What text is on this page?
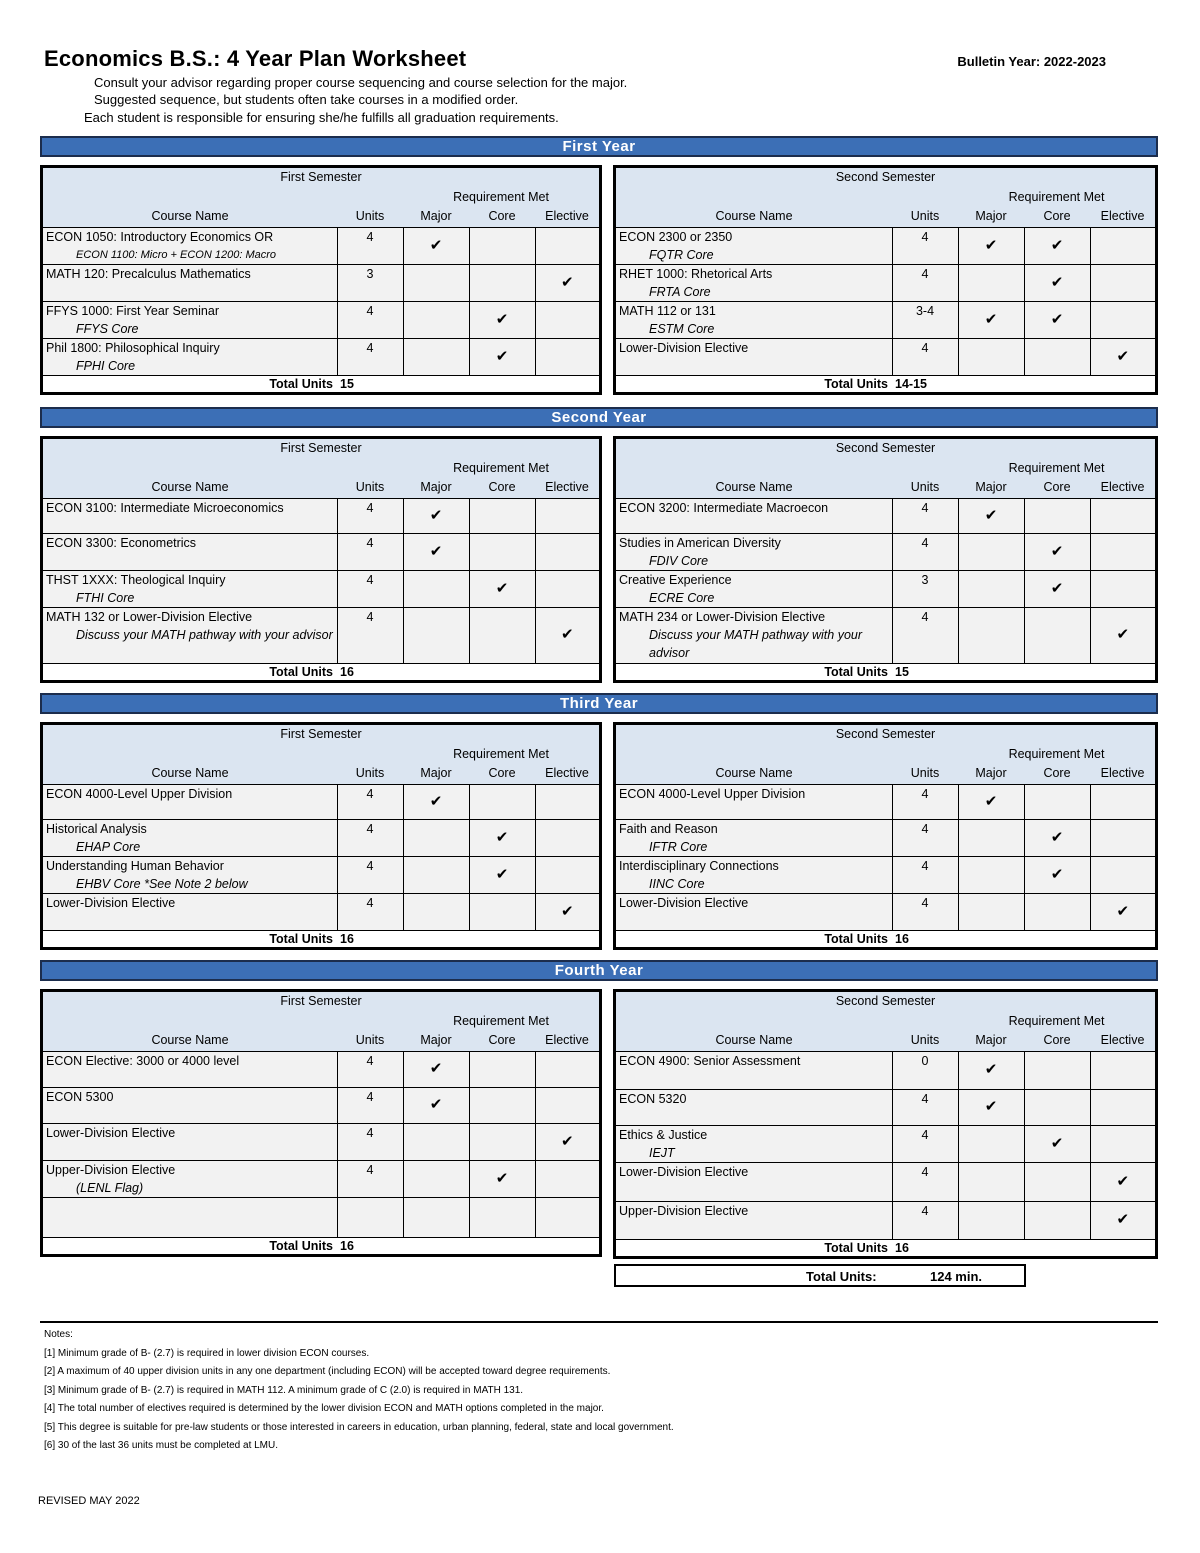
Economics B.S.: 4 Year Plan Worksheet	Bulletin Year: 2022-2023
Consult your advisor regarding proper course sequencing and course selection for the major.
Suggested sequence, but students often take courses in a modified order.
Each student is responsible for ensuring she/he fulfills all graduation requirements.
First Year
First Semester				
		Requirement Met		
Course Name	Units	Major	Core	Elective

ECON 1050: Introductory Economics OR
ECON 1100: Micro + ECON 1200: Macro	4	✔		

MATH 120: Precalculus Mathematics	3			✔

FFYS 1000: First Year Seminar
FFYS Core	4		✔	

Phil 1800: Philosophical Inquiry
FPHI Core	4		✔	
Total Units	15			
Second Semester				
		Requirement Met		
Course Name	Units	Major	Core	Elective

ECON 2300 or 2350
FQTR Core	4	✔	✔	

RHET 1000: Rhetorical Arts
FRTA Core	4		✔	

MATH 112 or 131
ESTM Core	3-4	✔	✔	

Lower-Division Elective	4			✔
Total Units	14-15			
Second Year
First Semester				
		Requirement Met		
Course Name	Units	Major	Core	Elective

ECON 3100: Intermediate Microeconomics	4	✔		

ECON 3300: Econometrics	4	✔		

THST 1XXX: Theological Inquiry
FTHI Core	4		✔	

MATH 132 or Lower-Division Elective
Discuss your MATH pathway with your advisor	4			✔
Total Units	16			
Second Semester				
		Requirement Met		
Course Name	Units	Major	Core	Elective

ECON 3200: Intermediate Macroecon	4	✔		

Studies in American Diversity
FDIV Core	4		✔	

Creative Experience
ECRE Core	3		✔	

MATH 234 or Lower-Division Elective
Discuss your MATH pathway with your advisor	4			✔
Total Units	15			
Third Year
First Semester				
		Requirement Met		
Course Name	Units	Major	Core	Elective

ECON 4000-Level Upper Division	4	✔		

Historical Analysis
EHAP Core	4		✔	

Understanding Human Behavior
EHBV Core *See Note 2 below	4		✔	

Lower-Division Elective	4			✔
Total Units	16			
Second Semester				
		Requirement Met		
Course Name	Units	Major	Core	Elective

ECON 4000-Level Upper Division	4	✔		

Faith and Reason
IFTR Core	4		✔	

Interdisciplinary Connections
IINC Core	4		✔	

Lower-Division Elective	4			✔
Total Units	16			
Fourth Year
First Semester				
		Requirement Met		
Course Name	Units	Major	Core	Elective

ECON Elective: 3000 or 4000 level	4	✔		

ECON 5300	4	✔		

Lower-Division Elective	4			✔

Upper-Division Elective
(LENL Flag)	4		✔	

Total Units	16			
Second Semester				
		Requirement Met		
Course Name	Units	Major	Core	Elective

ECON 4900: Senior Assessment	0	✔		

ECON 5320	4	✔		

Ethics & Justice
IEJT	4		✔	

Lower-Division Elective	4			✔

Upper-Division Elective	4			✔
Total Units	16			
Total Units:	124 min.
Notes:
[1] Minimum grade of B- (2.7) is required in lower division ECON courses.
[2] A maximum of 40 upper division units in any one department (including ECON) will be accepted toward degree requirements.
[3] Minimum grade of B- (2.7) is required in MATH 112. A minimum grade of C (2.0) is required in MATH 131.
[4] The total number of electives required is determined by the lower division ECON and MATH options completed in the major.
[5] This degree is suitable for pre-law students or those interested in careers in education, urban planning, federal, state and local government.
[6] 30 of the last 36 units must be completed at LMU.
REVISED MAY 2022
